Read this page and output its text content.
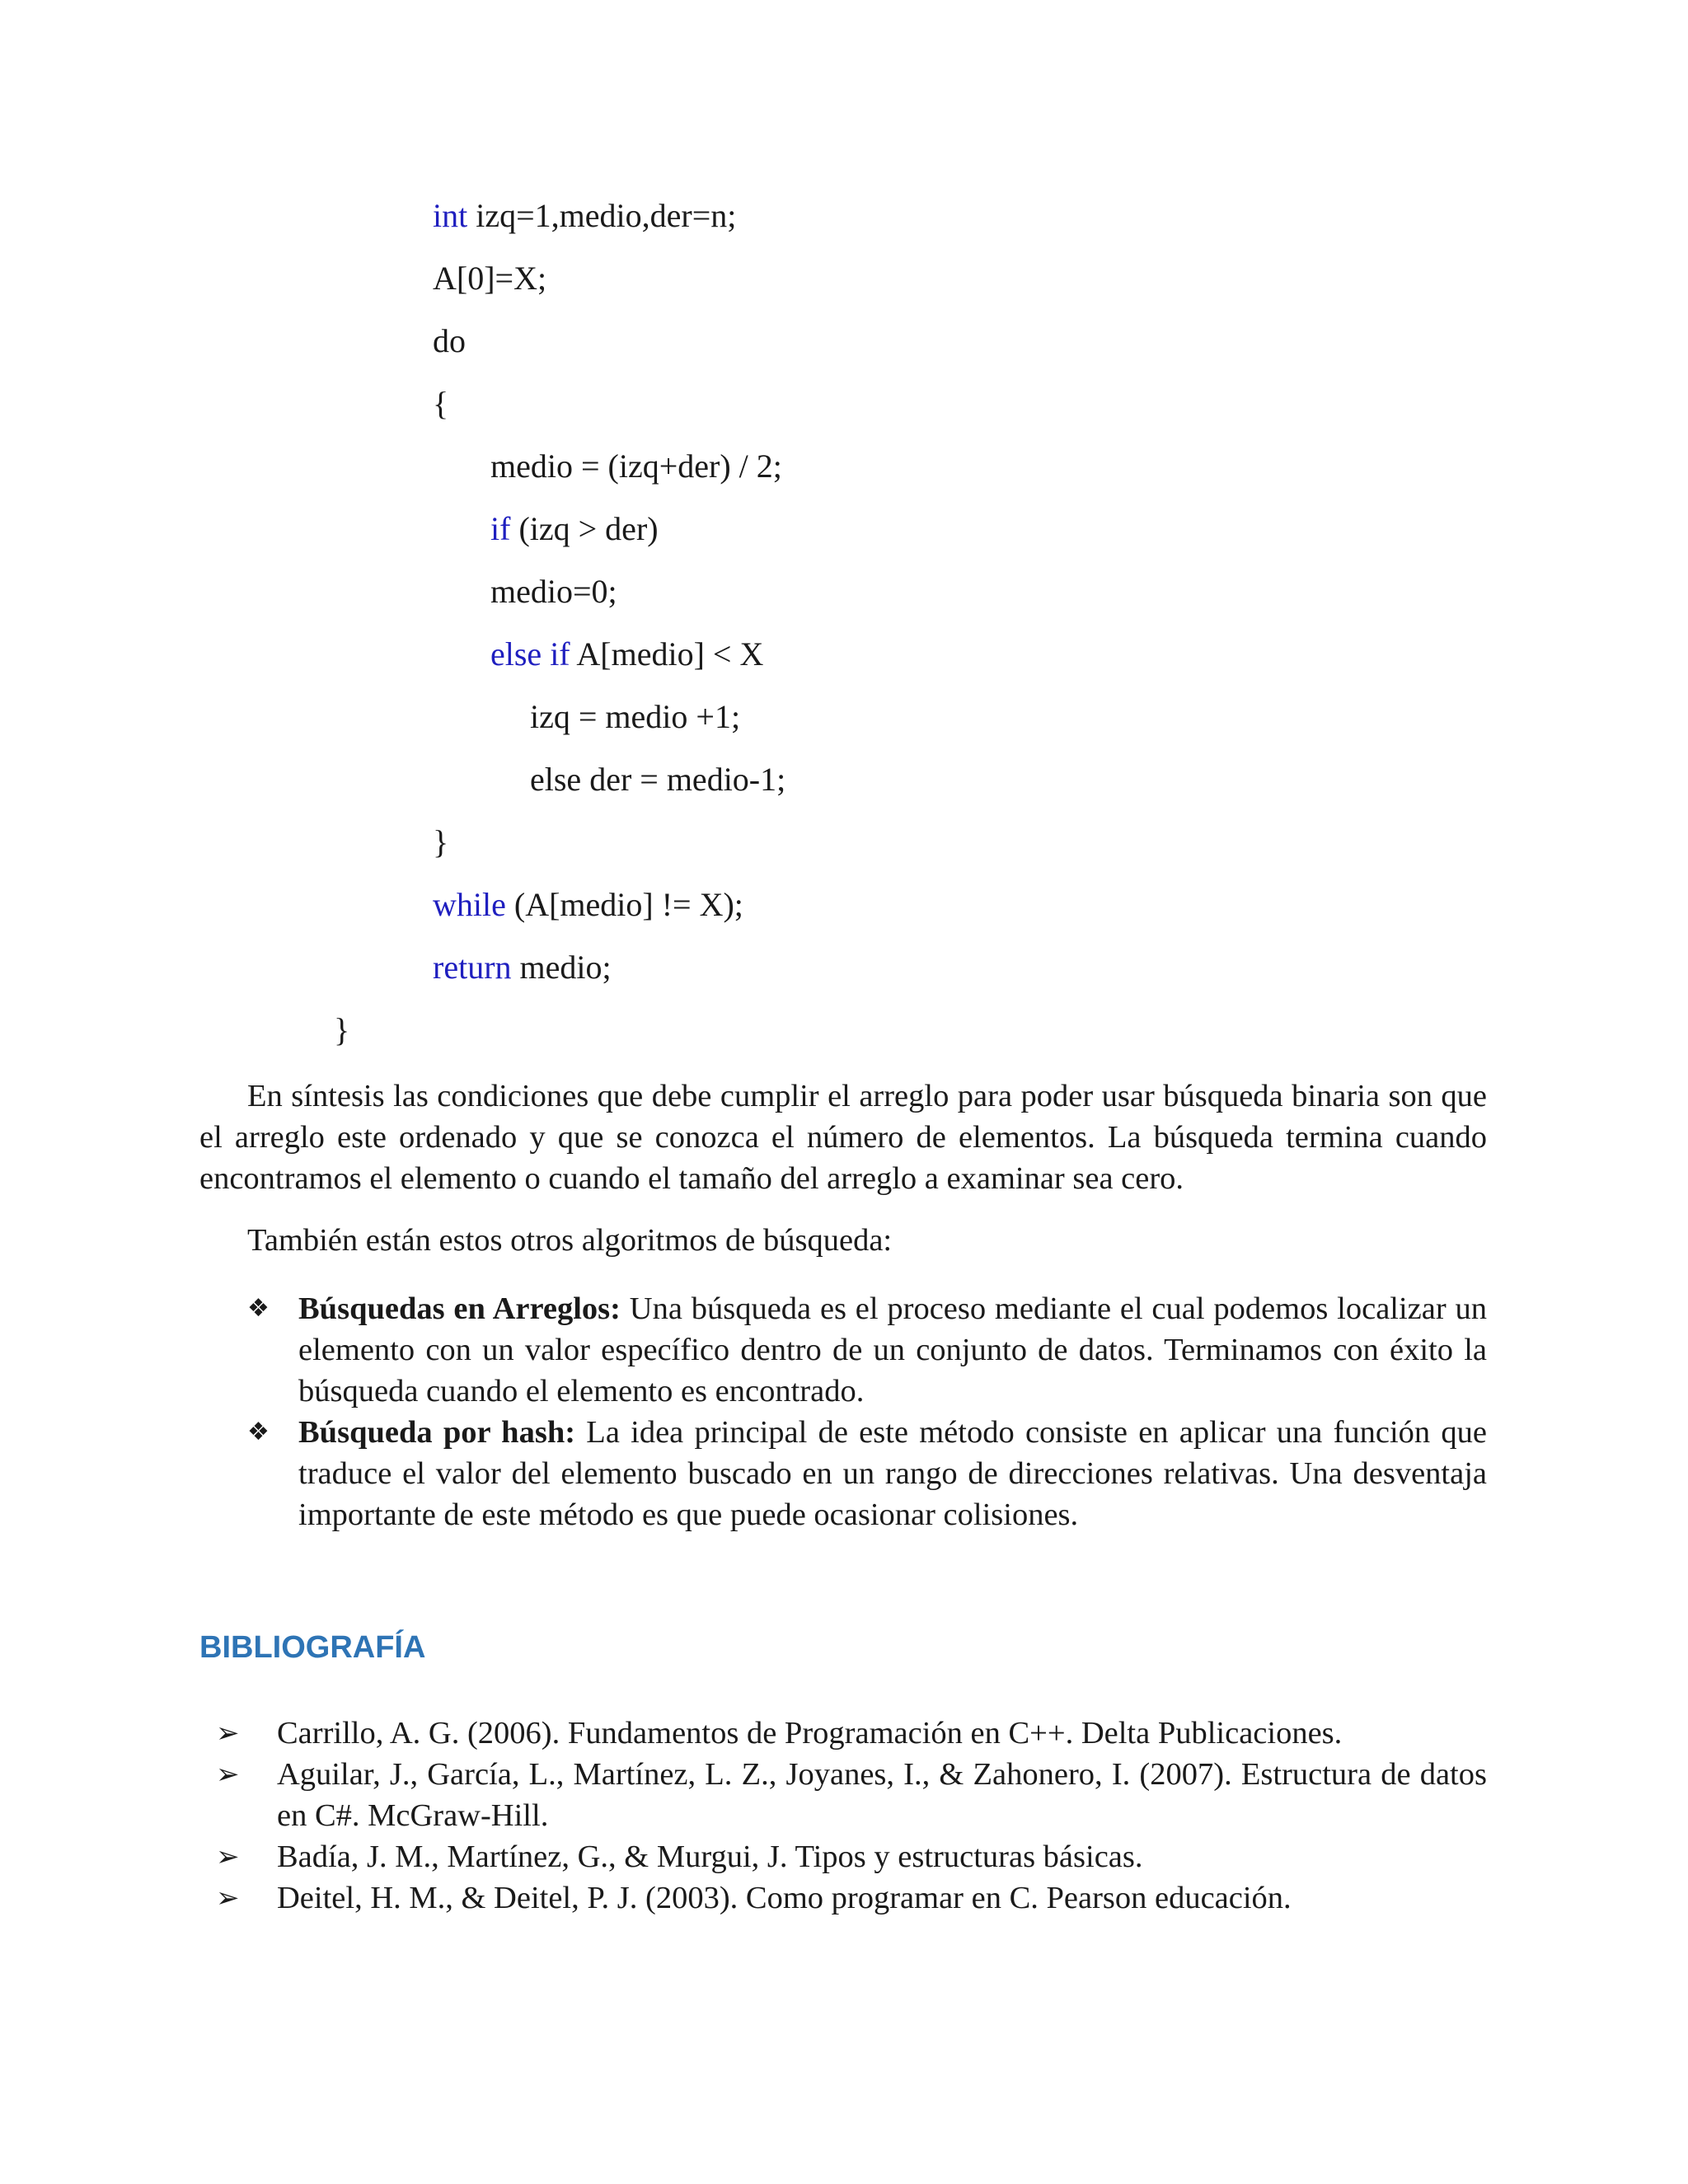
int izq=1,medio,der=n;
A[0]=X;
do
{
medio = (izq+der) / 2;
if (izq > der)
medio=0;
else if A[medio] < X
izq = medio +1;
else der = medio-1;
}
while (A[medio] != X);
return medio;
}
En síntesis las condiciones que debe cumplir el arreglo para poder usar búsqueda binaria son que el arreglo este ordenado y que se conozca el número de elementos. La búsqueda termina cuando encontramos el elemento o cuando el tamaño del arreglo a examinar sea cero.
También están estos otros algoritmos de búsqueda:
❖ Búsquedas en Arreglos: Una búsqueda es el proceso mediante el cual podemos localizar un elemento con un valor específico dentro de un conjunto de datos. Terminamos con éxito la búsqueda cuando el elemento es encontrado.
❖ Búsqueda por hash: La idea principal de este método consiste en aplicar una función que traduce el valor del elemento buscado en un rango de direcciones relativas. Una desventaja importante de este método es que puede ocasionar colisiones.
BIBLIOGRAFÍA
➢ Carrillo, A. G. (2006). Fundamentos de Programación en C++. Delta Publicaciones.
➢ Aguilar, J., García, L., Martínez, L. Z., Joyanes, I., & Zahonero, I. (2007). Estructura de datos en C#. McGraw-Hill.
➢ Badía, J. M., Martínez, G., & Murgui, J. Tipos y estructuras básicas.
➢ Deitel, H. M., & Deitel, P. J. (2003). Como programar en C. Pearson educación.
